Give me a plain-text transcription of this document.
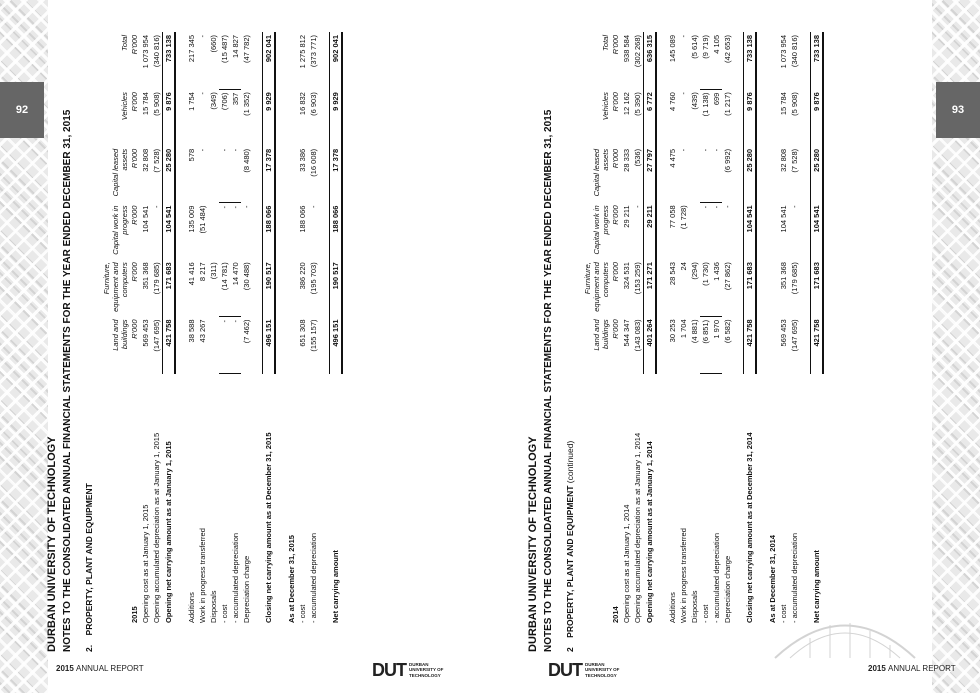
92	93
2015 ANNUAL REPORT	DUT DURBAN
UNIVERSITY OF
TECHNOLOGY	DUT DURBAN
UNIVERSITY OF
TECHNOLOGY
2015 ANNUAL REPORT
DURBAN UNIVERSITY OF TECHNOLOGY NOTES TO THE CONSOLIDATED ANNUAL FINANCIAL STATEMENTS FOR THE YEAR ENDED DECEMBER 31, 2015 2.    PROPERTY, PLANT AND EQUIPMENT
	Land and buildings	Furniture, equipment and computers	Capital work in progress	Capital leased assets	Vehicles	Total
2015	R'000	R'000	R'000	R'000	R'000	R'000
Opening cost as at January 1, 2015	569 453	351 368	104 541	32 808	15 784	1 073 954
Opening accumulated depreciation as at January 1, 2015	(147 695)	(179 685)	-	(7 528)	(5 908)	(340 816)
Opening net carrying amount as at January 1, 2015	421 758	171 683	104 541	25 280	9 876	733 138

Additions	38 588	41 416	135 009	578	1 754	217 345
Work in progress transferred	43 267	8 217	(51 484)	-	-	-
Disposals		(311)			(349)	(660)
- cost	-	(14 781)	-	-	(706)	(15 487)
- accumulated depreciation	-	14 470	-	-	357	14 827
Depreciation charge	(7 462)	(30 488)	-	(8 480)	(1 352)	(47 782)

Closing net carrying amount as at December 31, 2015	496 151	190 517	188 066	17 378	9 929	902 041

As at December 31, 2015						
- cost	651 308	386 220	188 066	33 386	16 832	1 275 812
- accumulated depreciation	(155 157)	(195 703)	-	(16 008)	(6 903)	(373 771)

Net carrying amount	496 151	190 517	188 066	17 378	9 929	902 041
DURBAN UNIVERSITY OF TECHNOLOGY NOTES TO THE CONSOLIDATED ANNUAL FINANCIAL STATEMENTS FOR THE YEAR ENDED DECEMBER 31, 2015 2    PROPERTY, PLANT AND EQUIPMENT (continued)
	Land and buildings	Furniture, equipment and computers	Capital work in progress	Capital leased assets	Vehicles	Total
2014	R'000	R'000	R'000	R'000	R'000	R'000
Opening cost as at January 1, 2014	544 347	324 531	29 211	28 333	12 162	938 584
Opening accumulated depreciation as at January 1, 2014	(143 083)	(153 259)	-	(536)	(5 390)	(302 268)
Opening net carrying amount as at January 1, 2014	401 264	171 271	29 211	27 797	6 772	636 315

Additions	30 253	28 543	77 058	4 475	4 760	145 089
Work in progress transferred	1 704	24	(1 728)	-	-	-
Disposals	(4 881)	(294)			(439)	(5 614)
- cost	(6 851)	(1 730)	-	-	(1 138)	(9 719)
- accumulated depreciation	1 970	1 436	-	-	699	4 105
Depreciation charge	(6 582)	(27 862)	-	(6 992)	(1 217)	(42 653)

Closing net carrying amount as at December 31, 2014	421 758	171 683	104 541	25 280	9 876	733 138

As at December 31, 2014						
- cost	569 453	351 368	104 541	32 808	15 784	1 073 954
- accumulated depreciation	(147 695)	(179 685)	-	(7 528)	(5 908)	(340 816)

Net carrying amount	421 758	171 683	104 541	25 280	9 876	733 138
